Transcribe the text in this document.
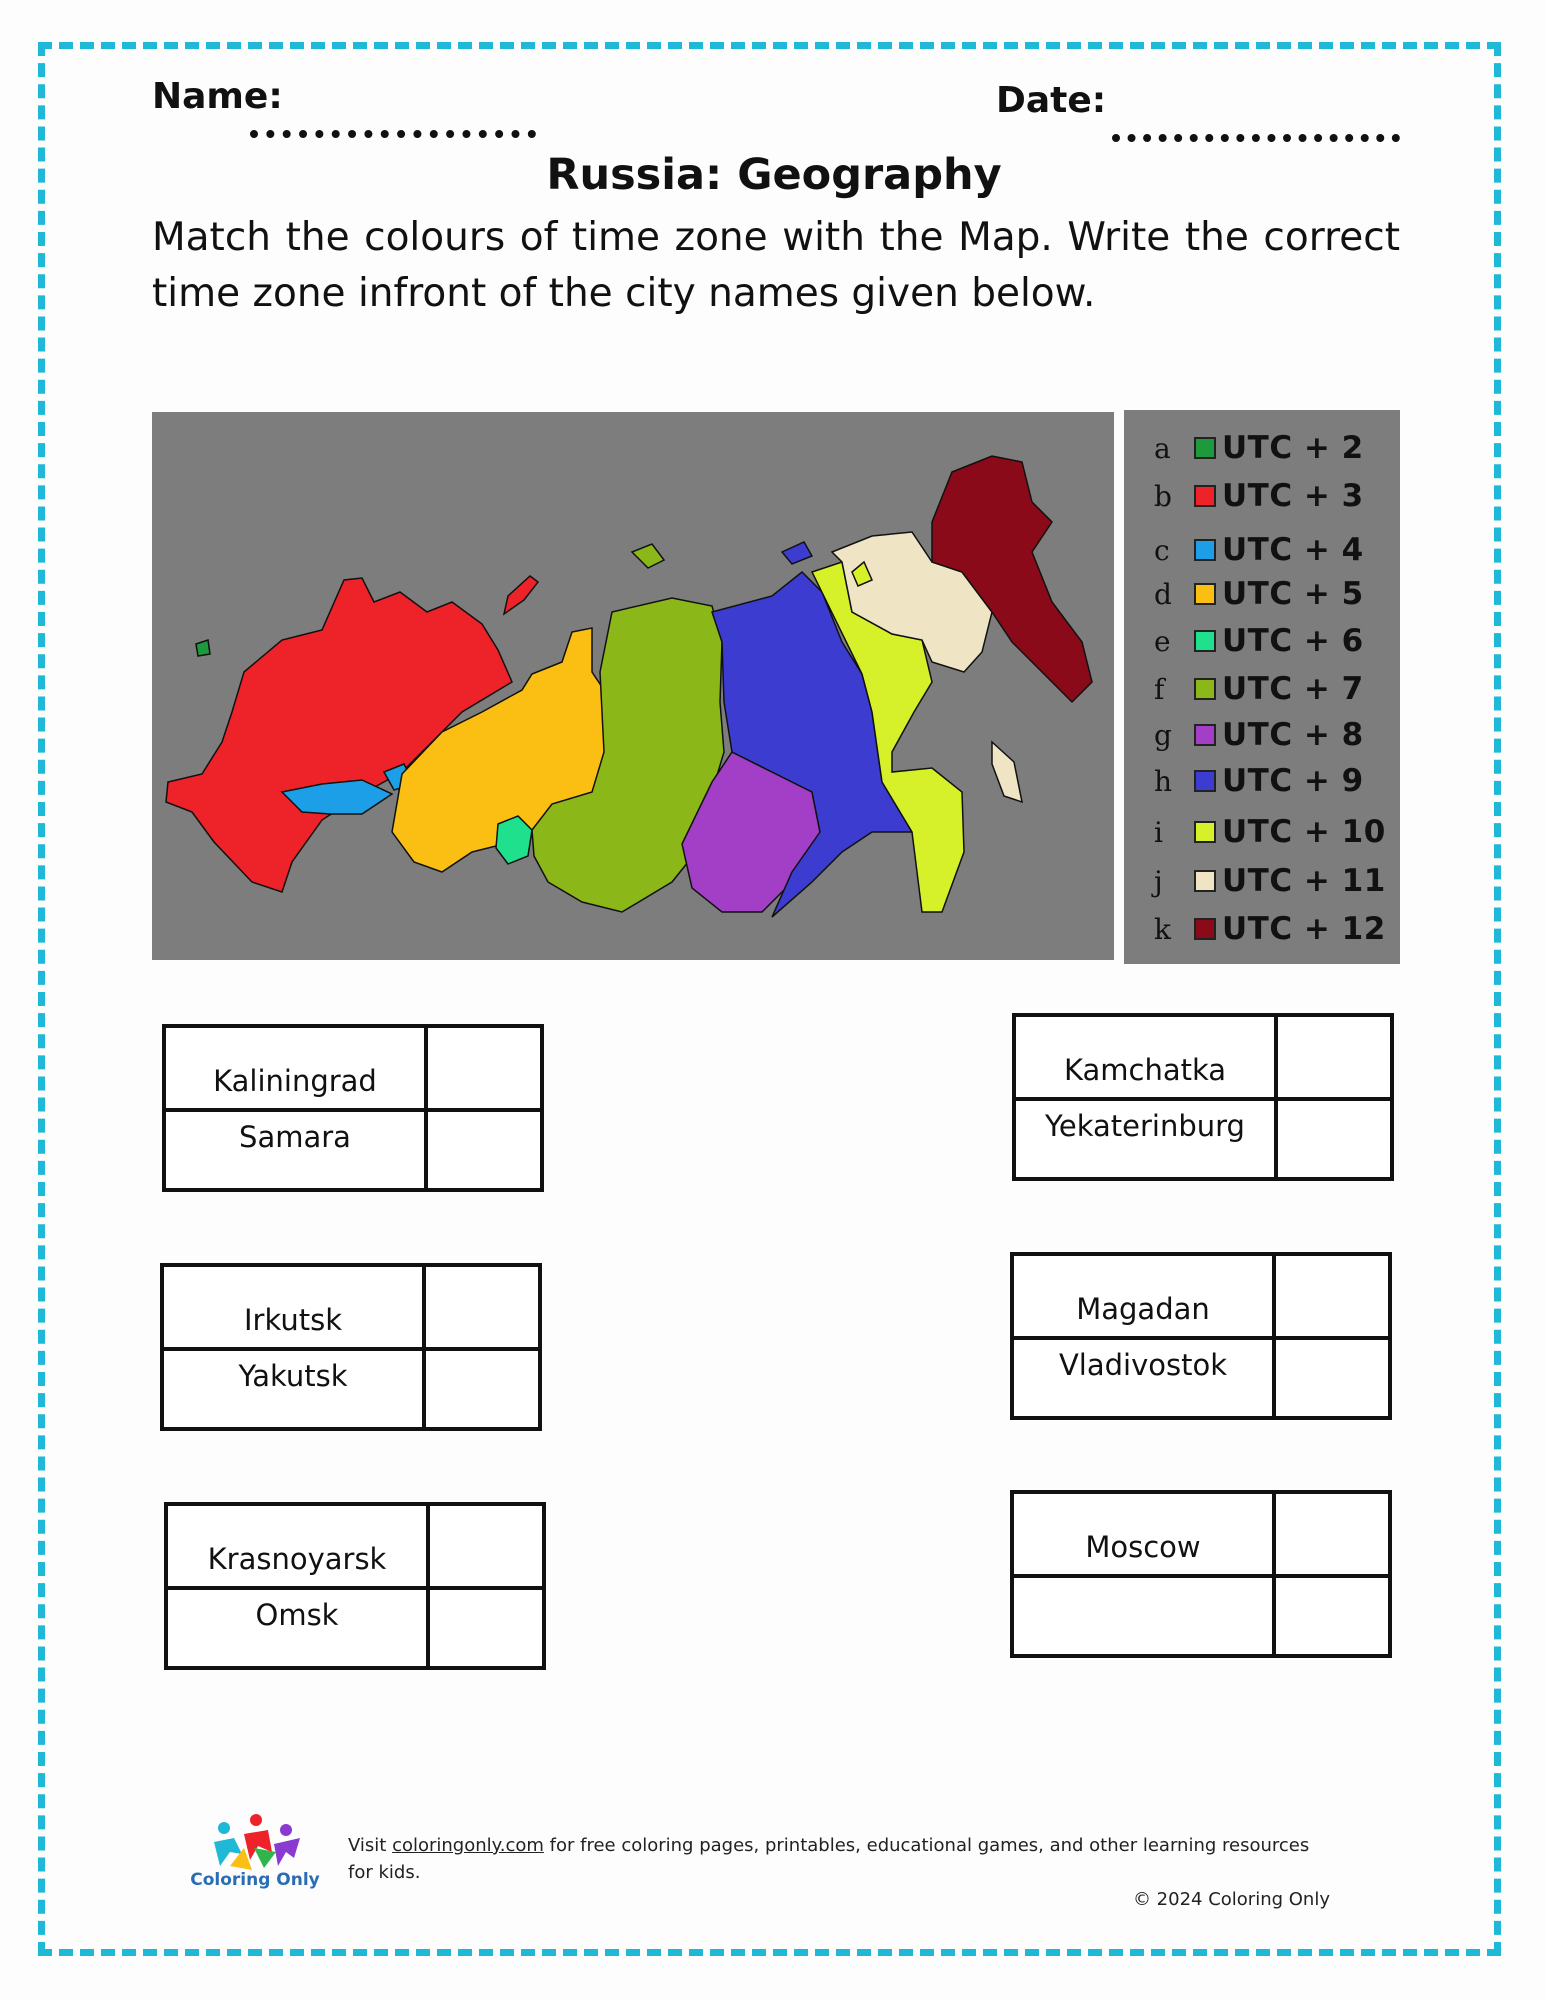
Name:	Date:
Russia: Geography
Match the colours of time zone with the Map. Write the correct time zone infront of the city names given below.
a	UTC + 2
b	UTC + 3
c	UTC + 4
d	UTC + 5
e	UTC + 6
f	UTC + 7
g	UTC + 8
h	UTC + 9
i	UTC + 10
j	UTC + 11
k	UTC + 12
Kaliningrad
Samara
Kamchatka
Yekaterinburg
Irkutsk
Yakutsk
Magadan
Vladivostok
Krasnoyarsk
Omsk
Moscow
Coloring Only
Visit coloringonly.com for free coloring pages, printables, educational games, and other learning resources for kids.
© 2024 Coloring Only
